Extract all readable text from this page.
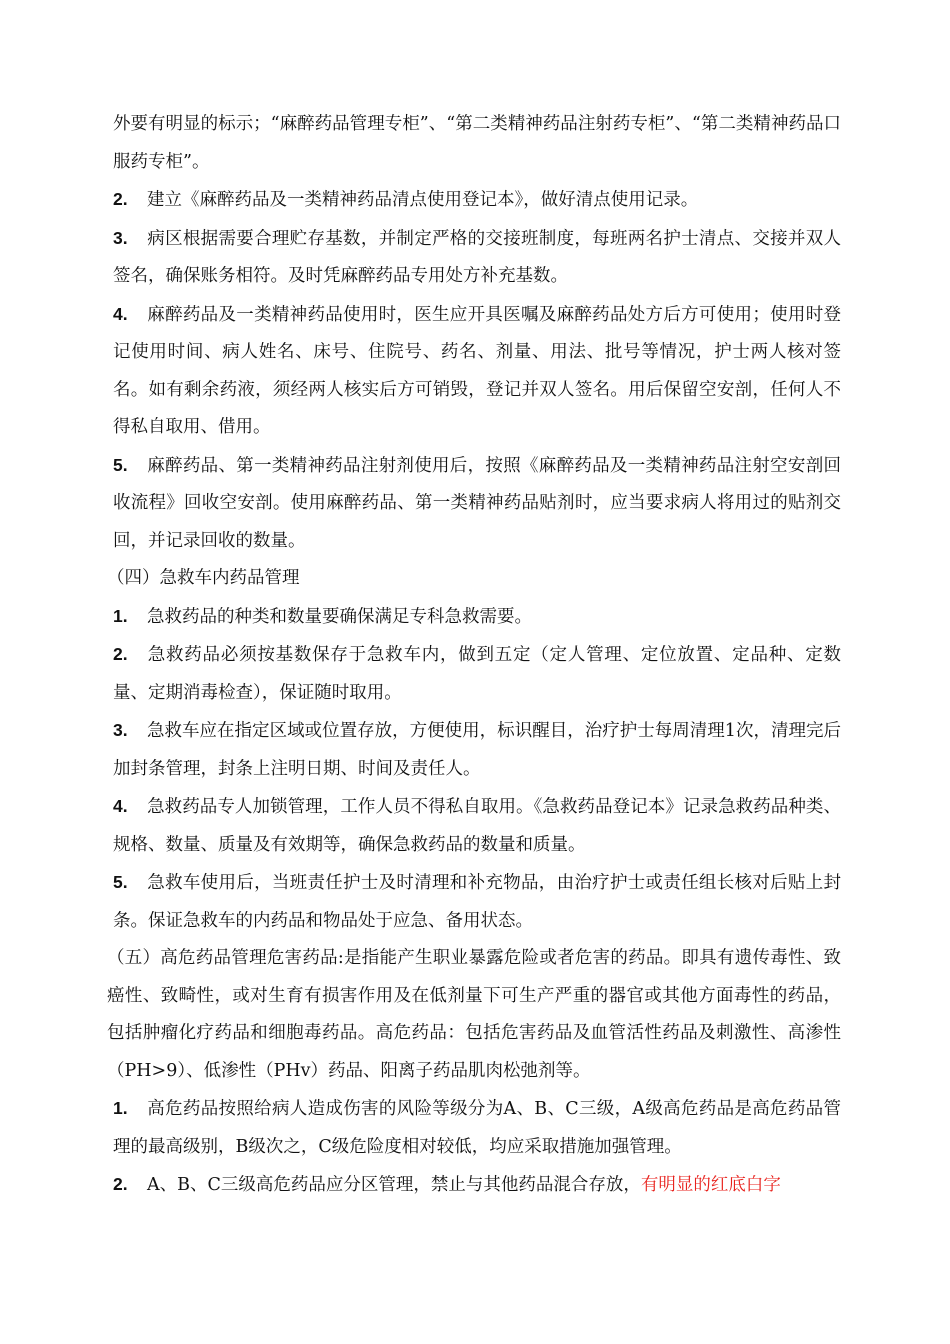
外要有明显的标示；“麻醉药品管理专柜”、“第二类精神药品注射药专柜”、“第二类精神药品口服药专柜”。

2. 建立《麻醉药品及一类精神药品清点使用登记本》，做好清点使用记录。

3. 病区根据需要合理贮存基数，并制定严格的交接班制度，每班两名护士清点、交接并双人签名，确保账务相符。及时凭麻醉药品专用处方补充基数。

4. 麻醉药品及一类精神药品使用时，医生应开具医嘱及麻醉药品处方后方可使用；使用时登记使用时间、病人姓名、床号、住院号、药名、剂量、用法、批号等情况，护士两人核对签名。如有剩余药液，须经两人核实后方可销毁，登记并双人签名。用后保留空安剖，任何人不得私自取用、借用。

5. 麻醉药品、第一类精神药品注射剂使用后，按照《麻醉药品及一类精神药品注射空安剖回收流程》回收空安剖。使用麻醉药品、第一类精神药品贴剂时，应当要求病人将用过的贴剂交回，并记录回收的数量。

（四）急救车内药品管理

1. 急救药品的种类和数量要确保满足专科急救需要。

2. 急救药品必须按基数保存于急救车内，做到五定（定人管理、定位放置、定品种、定数量、定期消毒检查），保证随时取用。

3. 急救车应在指定区域或位置存放，方便使用，标识醒目，治疗护士每周清理1次，清理完后加封条管理，封条上注明日期、时间及责任人。

4. 急救药品专人加锁管理，工作人员不得私自取用。《急救药品登记本》记录急救药品种类、规格、数量、质量及有效期等，确保急救药品的数量和质量。

5. 急救车使用后，当班责任护士及时清理和补充物品，由治疗护士或责任组长核对后贴上封条。保证急救车的内药品和物品处于应急、备用状态。

（五）高危药品管理危害药品:是指能产生职业暴露危险或者危害的药品。即具有遗传毒性、致癌性、致畸性，或对生育有损害作用及在低剂量下可生产严重的器官或其他方面毒性的药品，包括肿瘤化疗药品和细胞毒药品。高危药品：包括危害药品及血管活性药品及刺激性、高渗性（PH>9）、低渗性（PHv）药品、阳离子药品肌肉松弛剂等。

1. 高危药品按照给病人造成伤害的风险等级分为A、B、C三级，A级高危药品是高危药品管理的最高级别，B级次之，C级危险度相对较低，均应采取措施加强管理。

2. A、B、C三级高危药品应分区管理，禁止与其他药品混合存放，有明显的红底白字
